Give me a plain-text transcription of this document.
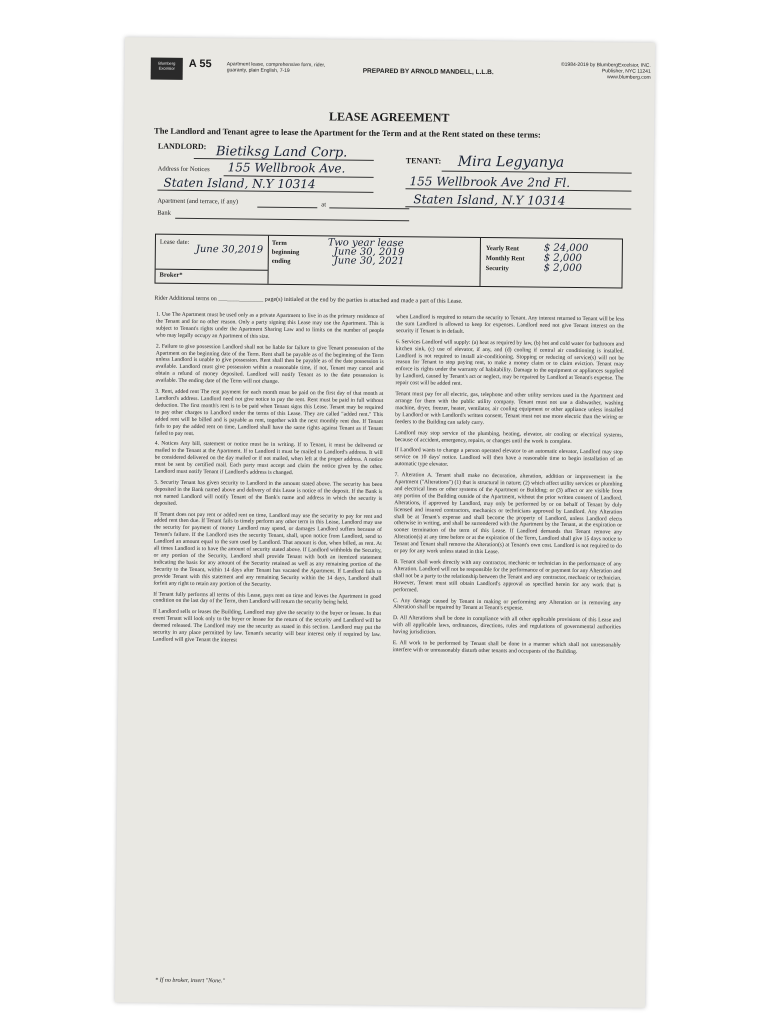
Blumberg Excelsior	A 55	Apartment lease, comprehensive form, rider, guaranty, plain English, 7-19	PREPARED BY ARNOLD MANDELL, L.L.B.
©1984-2019 by BlumbergExcelsior, INC. Publisher, NYC 11241 www.blumberg.com
LEASE AGREEMENT
The Landlord and Tenant agree to lease the Apartment for the Term and at the Rent stated on these terms:
LANDLORD: Bietiksg Land Corp.
Address for Notices 155 Wellbrook Ave.
Staten Island, N.Y 10314
Apartment (and terrace, if any)	at
Bank
TENANT: Mira Legyanya
155 Wellbrook Ave 2nd Fl.
Staten Island, N.Y 10314
Lease date:
June 30,2019
Broker*
Term	Two year lease
beginning	June 30, 2019
ending	June 30, 2021
Yearly Rent $ 24,000
Monthly Rent $ 2,000
Security	$ 2,000
Rider Additional terms on _______________ page(s) initialed at the end by the parties is attached and made a part of this Lease.

1. Use The Apartment must be used only as a private Apartment to live in as the primary residence of the Tenant and for no other reason. Only a party signing this Lease may use the Apartment. This is subject to Tenant's rights under the Apartment Sharing Law and to limits on the number of people who may legally occupy an Apartment of this size.

2. Failure to give possession Landlord shall not be liable for failure to give Tenant possession of the Apartment on the beginning date of the Term. Rent shall be payable as of the beginning of the Term unless Landlord is unable to give possession. Rent shall then be payable as of the date possession is available. Landlord must give possession within a reasonable time, if not, Tenant may cancel and obtain a refund of money deposited. Landlord will notify Tenant as to the date possession is available. The ending date of the Term will not change.

3. Rent, added rent The rent payment for each month must be paid on the first day of that month at Landlord's address. Landlord need not give notice to pay the rent. Rent must be paid in full without deduction. The first month's rent is to be paid when Tenant signs this Lease. Tenant may be required to pay other charges to Landlord under the terms of this Lease. They are called "added rent." This added rent will be billed and is payable as rent, together with the next monthly rent due. If Tenant fails to pay the added rent on time, Landlord shall have the same rights against Tenant as if Tenant failed to pay rent.

4. Notices Any bill, statement or notice must be in writing. If to Tenant, it must be delivered or mailed to the Tenant at the Apartment. If to Landlord it must be mailed to Landlord's address. It will be considered delivered on the day mailed or if not mailed, when left at the proper address. A notice must be sent by certified mail. Each party must accept and claim the notice given by the other. Landlord must notify Tenant if Landlord's address is changed.

5. Security Tenant has given security to Landlord in the amount stated above. The security has been deposited in the Bank named above and delivery of this Lease is notice of the deposit. If the Bank is not named Landlord will notify Tenant of the Bank's name and address in which the security is deposited.

If Tenant does not pay rent or added rent on time, Landlord may use the security to pay for rent and added rent then due. If Tenant fails to timely perform any other term in this Lease, Landlord may use the security for payment of money Landlord may spend, or damages Landlord suffers because of Tenant's failure. If the Landlord uses the security Tenant, shall, upon notice from Landlord, send to Landlord an amount equal to the sum used by Landlord. That amount is due, when billed, as rent. At all times Landlord is to have the amount of security stated above. If Landlord withholds the Security, or any portion of the Security, Landlord shall provide Tenant with both an itemized statement indicating the basis for any amount of the Security retained as well as any remaining portion of the Security to the Tenant, within 14 days after Tenant has vacated the Apartment. If Landlord fails to provide Tenant with this statement and any remaining Security within the 14 days, Landlord shall forfeit any right to retain any portion of the Security.

If Tenant fully performs all terms of this Lease, pays rent on time and leaves the Apartment in good condition on the last day of the Term, then Landlord will return the security being held.

If Landlord sells or leases the Building, Landlord may give the security to the buyer or lessee. In that event Tenant will look only to the buyer or lessee for the return of the security and Landlord will be deemed released. The Landlord may use the security as stated in this section. Landlord may put the security in any place permitted by law. Tenant's security will bear interest only if required by law. Landlord will give Tenant the interest

when Landlord is required to return the security to Tenant. Any interest returned to Tenant will be less the sum Landlord is allowed to keep for expenses. Landlord need not give Tenant interest on the security if Tenant is in default.

6. Services Landlord will supply: (a) heat as required by law, (b) hot and cold water for bathroom and kitchen sink, (c) use of elevator, if any, and (d) cooling if central air conditioning is installed. Landlord is not required to install air-conditioning. Stopping or reducing of service(s) will not be reason for Tenant to stop paying rent, to make a money claim or to claim eviction. Tenant may enforce its rights under the warranty of habitability. Damage to the equipment or appliances supplied by Landlord, caused by Tenant's act or neglect, may be repaired by Landlord at Tenant's expense. The repair cost will be added rent.

Tenant must pay for all electric, gas, telephone and other utility services used in the Apartment and arrange for them with the public utility company. Tenant must not use a dishwasher, washing machine, dryer, freezer, heater, ventilator, air cooling equipment or other appliance unless installed by Landlord or with Landlord's written consent. Tenant must not use more electric than the wiring or feeders to the Building can safely carry.

Landlord may stop service of the plumbing, heating, elevator, air cooling or electrical systems, because of accident, emergency, repairs, or changes until the work is complete.

If Landlord wants to change a person operated elevator to an automatic elevator, Landlord may stop service on 10 days' notice. Landlord will then have a reasonable time to begin installation of an automatic type elevator.

7. Alteration A. Tenant shall make no decoration, alteration, addition or improvement in the Apartment ("Alterations") (1) that is structural in nature; (2) which affect utility services or plumbing and electrical lines or other systems of the Apartment or Building; or (3) affect or are visible from any portion of the Building outside of the Apartment, without the prior written consent of Landlord. Alterations, if approved by Landlord, may only be performed by or on behalf of Tenant by duly licensed and insured contractors, mechanics or technicians approved by Landlord. Any Alteration shall be at Tenant's expense and shall become the property of Landlord, unless Landlord elects otherwise in writing, and shall be surrendered with the Apartment by the Tenant, at the expiration or sooner termination of the term of this Lease. If Landlord demands that Tenant remove any Alteration(s) at any time before or at the expiration of the Term, Landlord shall give 15 days notice to Tenant and Tenant shall remove the Alteration(s) at Tenant's own cost. Landlord is not required to do or pay for any work unless stated in this Lease.

B. Tenant shall work directly with any contractor, mechanic or technician in the performance of any Alteration. Landlord will not be responsible for the performance of or payment for any Alteration and shall not be a party to the relationship between the Tenant and any contractor, mechanic or technician. However, Tenant must still obtain Landlord's approval as specified herein for any work that is performed.

C. Any damage caused by Tenant in making or performing any Alteration or in removing any Alteration shall be repaired by Tenant at Tenant's expense.

D. All Alterations shall be done in compliance with all other applicable provisions of this Lease and with all applicable laws, ordinances, directions, rules and regulations of governmental authorities having jurisdiction.

E. All work to be performed by Tenant shall be done in a manner which shall not unreasonably interfere with or unreasonably disturb other tenants and occupants of the Building.

* If no broker, insert "None."
